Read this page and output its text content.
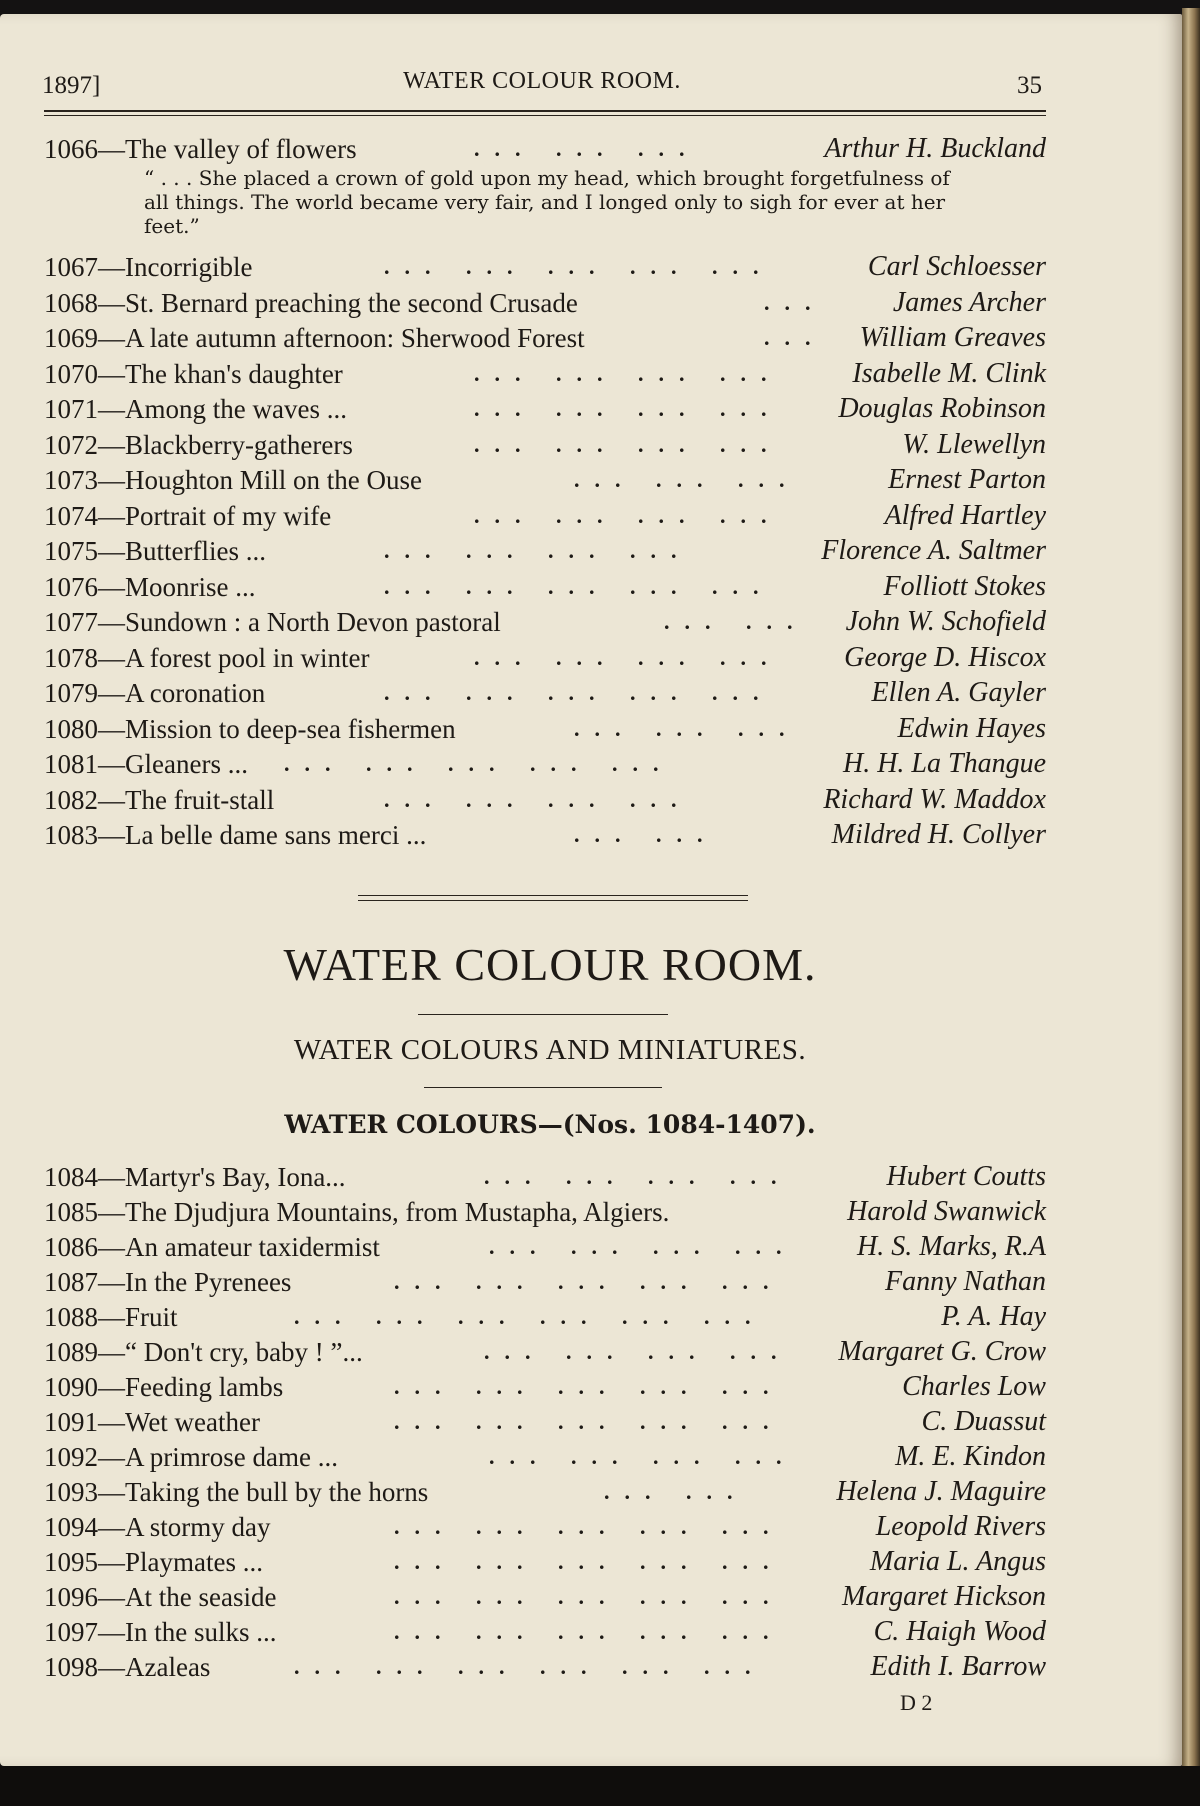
1897]	WATER COLOUR ROOM.	35
1066—The valley of flowers	... ... ...	Arthur H. Buckland
“ . . . She placed a crown of gold upon my head, which brought forgetfulness of all things. The world became very fair, and I longed only to sigh for ever at her feet.”
1067—Incorrigible	... ... ... ... ...	Carl Schloesser
1068—St. Bernard preaching the second Crusade	... James Archer
1069—A late autumn afternoon: Sherwood Forest	... William Greaves
1070—The khan's daughter	... ... ... ...	Isabelle M. Clink
1071—Among the waves ...	... ... ... ... Douglas Robinson
1072—Blackberry-gatherers	... ... ... ...	W. Llewellyn
1073—Houghton Mill on the Ouse	... ... ...	Ernest Parton
1074—Portrait of my wife	... ... ... ...	Alfred Hartley
1075—Butterflies ...	... ... ... ...	Florence A. Saltmer
1076—Moonrise ...	... ... ... ... ...	Folliott Stokes
1077—Sundown : a North Devon pastoral	... ... John W. Schofield
1078—A forest pool in winter	... ... ... ... George D. Hiscox
1079—A coronation	... ... ... ... ...	Ellen A. Gayler
1080—Mission to deep-sea fishermen	... ... ...	Edwin Hayes
1081—Gleaners ... ... ... ... ... ...	H. H. La Thangue
1082—The fruit-stall	... ... ... ...	Richard W. Maddox
1083—La belle dame sans merci ...	... ...	Mildred H. Collyer
WATER COLOUR ROOM.
WATER COLOURS AND MINIATURES.
WATER COLOURS—(Nos. 1084-1407).
1084—Martyr's Bay, Iona...	... ... ... ...	Hubert Coutts
1085—The Djudjura Mountains, from Mustapha, Algiers.	Harold Swanwick
1086—An amateur taxidermist	... ... ... ... H. S. Marks, R.A
1087—In the Pyrenees	... ... ... ... ...	Fanny Nathan
1088—Fruit	... ... ... ... ... ...	P. A. Hay
1089—“ Don't cry, baby ! ”...	... ... ... ... Margaret G. Crow
1090—Feeding lambs	... ... ... ... ...	Charles Low
1091—Wet weather	... ... ... ... ...	C. Duassut
1092—A primrose dame ...	... ... ... ...	M. E. Kindon
1093—Taking the bull by the horns	... ...	Helena J. Maguire
1094—A stormy day	... ... ... ... ...	Leopold Rivers
1095—Playmates ...	... ... ... ... ...	Maria L. Angus
1096—At the seaside	... ... ... ... ... Margaret Hickson
1097—In the sulks ...	... ... ... ... ...	C. Haigh Wood
1098—Azaleas	... ... ... ... ... ...	Edith I. Barrow
D 2
